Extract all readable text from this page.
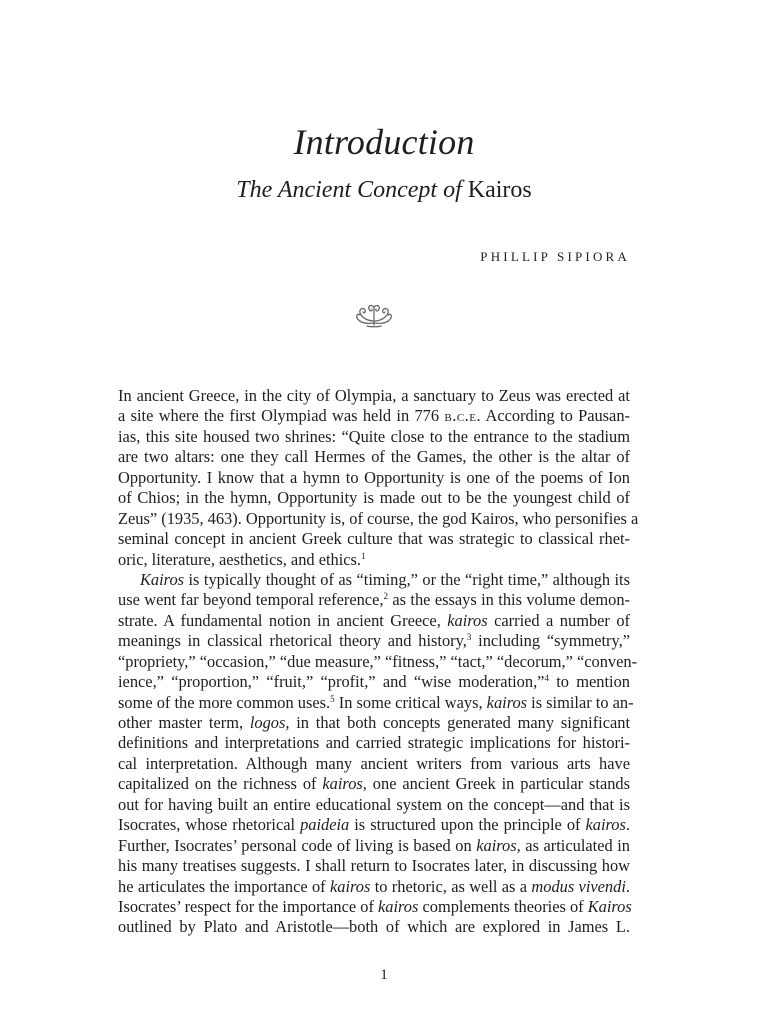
Introduction
The Ancient Concept of Kairos
PHILLIP SIPIORA
In ancient Greece, in the city of Olympia, a sanctuary to Zeus was erected at
a site where the first Olympiad was held in 776 b.c.e. According to Pausan-
ias, this site housed two shrines: “Quite close to the entrance to the stadium
are two altars: one they call Hermes of the Games, the other is the altar of
Opportunity. I know that a hymn to Opportunity is one of the poems of Ion
of Chios; in the hymn, Opportunity is made out to be the youngest child of
Zeus” (1935, 463). Opportunity is, of course, the god Kairos, who personifies a
seminal concept in ancient Greek culture that was strategic to classical rhet-
oric, literature, aesthetics, and ethics.$^1$
Kairos is typically thought of as “timing,” or the “right time,” although its
use went far beyond temporal reference,$^2$ as the essays in this volume demon-
strate. A fundamental notion in ancient Greece, kairos carried a number of
meanings in classical rhetorical theory and history,$^3$ including “symmetry,”
“propriety,” “occasion,” “due measure,” “fitness,” “tact,” “decorum,” “conven-
ience,” “proportion,” “fruit,” “profit,” and “wise moderation,”$^4$ to mention
some of the more common uses.$^5$ In some critical ways, kairos is similar to an-
other master term, logos, in that both concepts generated many significant
definitions and interpretations and carried strategic implications for histori-
cal interpretation. Although many ancient writers from various arts have
capitalized on the richness of kairos, one ancient Greek in particular stands
out for having built an entire educational system on the concept—and that is
Isocrates, whose rhetorical paideia is structured upon the principle of kairos.
Further, Isocrates’ personal code of living is based on kairos, as articulated in
his many treatises suggests. I shall return to Isocrates later, in discussing how
he articulates the importance of kairos to rhetoric, as well as a modus vivendi.
Isocrates’ respect for the importance of kairos complements theories of Kairos
outlined by Plato and Aristotle—both of which are explored in James L.
1
